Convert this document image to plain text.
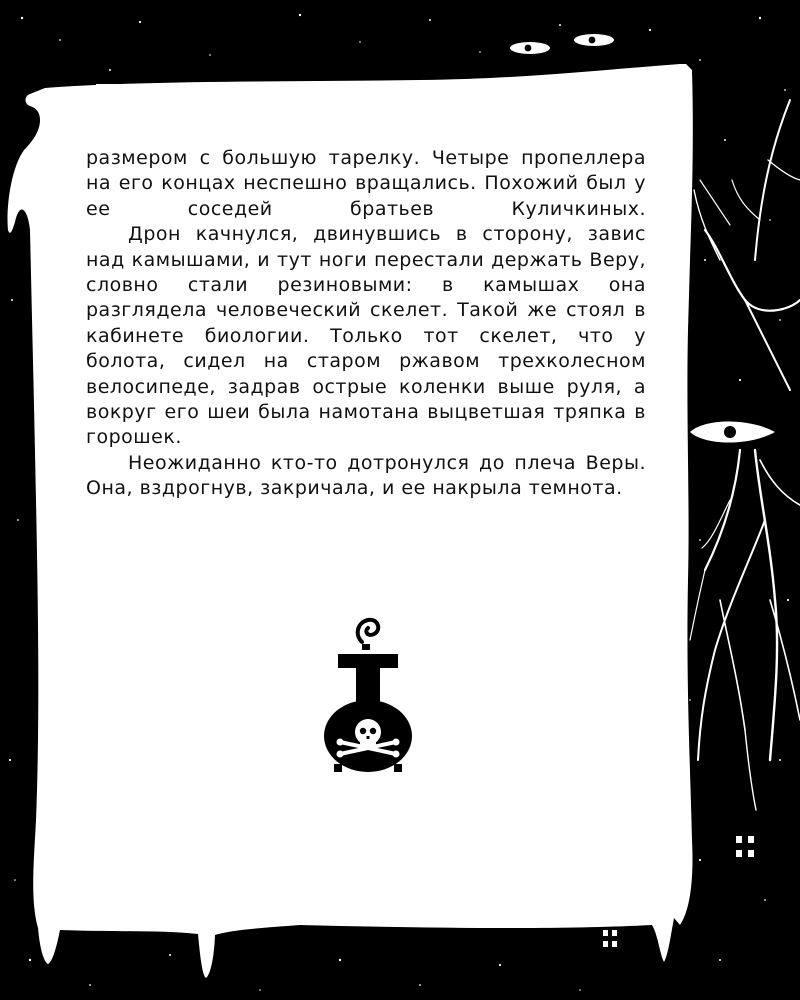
размером с большую тарелку. Четыре пропеллера на его концах неспешно вращались. Похожий был у ее соседей братьев Куличкиных.

Дрон качнулся, двинувшись в сторону, завис над камышами, и тут ноги перестали держать Веру, словно стали резиновыми: в камышах она разглядела человеческий скелет. Такой же стоял в кабинете биологии. Только тот скелет, что у болота, сидел на старом ржавом трехколесном велосипеде, задрав острые коленки выше руля, а вокруг его шеи была намотана выцветшая тряпка в горошек.

Неожиданно кто-то дотронулся до плеча Веры. Она, вздрогнув, закричала, и ее накрыла темнота.
